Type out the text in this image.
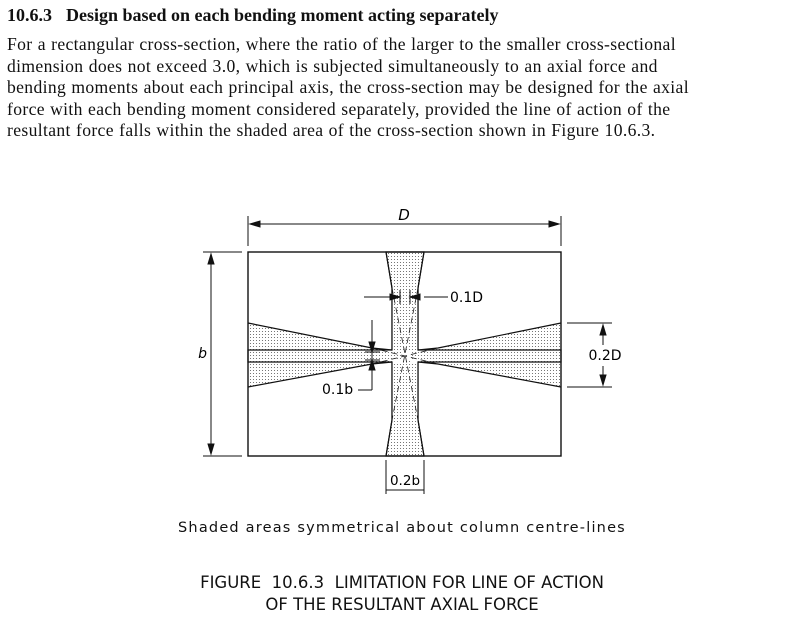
10.6.3 Design based on each bending moment acting separately

For a rectangular cross-section, where the ratio of the larger to the smaller cross-sectional

dimension does not exceed 3.0, which is subjected simultaneously to an axial force and

bending moments about each principal axis, the cross-section may be designed for the axial

force with each bending moment considered separately, provided the line of action of the

resultant force falls within the shaded area of the cross-section shown in Figure 10.6.3.

D
b
0.1D
0.1b
0.2D
0.2b
Shaded areas symmetrical about column centre-lines
FIGURE  10.6.3  LIMITATION FOR LINE OF ACTION
OF THE RESULTANT AXIAL FORCE
